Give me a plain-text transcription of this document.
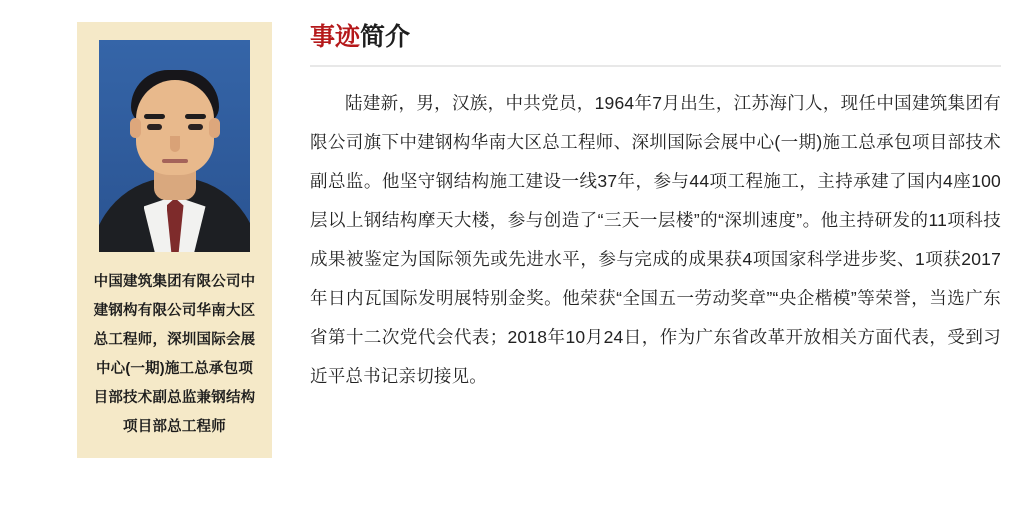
中国建筑集团有限公司中建钢构有限公司华南大区总工程师，深圳国际会展中心(一期)施工总承包项目部技术副总监兼钢结构项目部总工程师
事迹 简介
陆建新，男，汉族，中共党员，1964年7月出生，江苏海门人，现任中国建筑集团有限公司旗下中建钢构华南大区总工程师、深圳国际会展中心(一期)施工总承包项目部技术副总监。他坚守钢结构施工建设一线37年，参与44项工程施工，主持承建了国内4座100层以上钢结构摩天大楼，参与创造了“三天一层楼”的“深圳速度”。他主持研发的11项科技成果被鉴定为国际领先或先进水平，参与完成的成果获4项国家科学进步奖、1项获2017年日内瓦国际发明展特别金奖。他荣获“全国五一劳动奖章”“央企楷模”等荣誉，当选广东省第十二次党代会代表；2018年10月24日，作为广东省改革开放相关方面代表，受到习近平总书记亲切接见。
